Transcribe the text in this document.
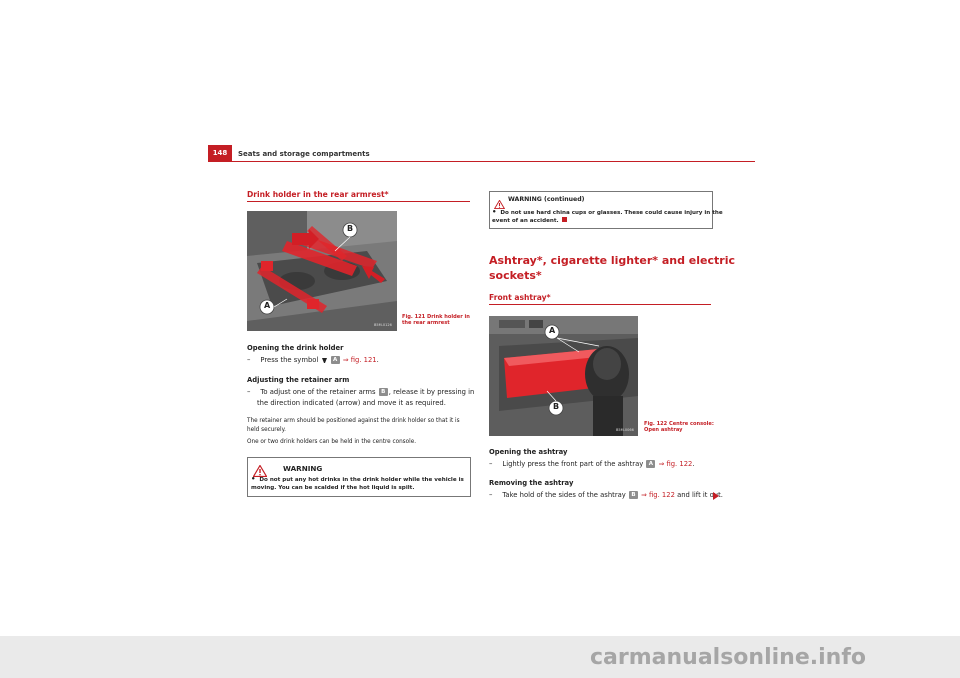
148	Seats and storage compartments
Drink holder in the rear armrest*
B
A
B5M-0126
Fig. 121 Drink holder in the rear armrest
Opening the drink holder
– Press the symbol	A ⇒ fig. 121.
Adjusting the retainer arm
– To adjust one of the retainer arms B , release it by pressing in
the direction indicated (arrow) and move it as required.
The retainer arm should be positioned against the drink holder so that it is
held securely.
One or two drink holders can be held in the centre console.
WARNING
• Do not put any hot drinks in the drink holder while the vehicle is
moving. You can be scalded if the hot liquid is spilt.
WARNING (continued)
• Do not use hard china cups or glasses. These could cause injury in the
event of an accident.
Ashtray*, cigarette lighter* and electric
sockets*
Front ashtray*
A
B
B5M-0066
Fig. 122 Centre console:
Open ashtray
Opening the ashtray
– Lightly press the front part of the ashtray A ⇒ fig. 122.
Removing the ashtray
– Take hold of the sides of the ashtray B ⇒ fig. 122 and lift it out.
carmanualsonline.info
